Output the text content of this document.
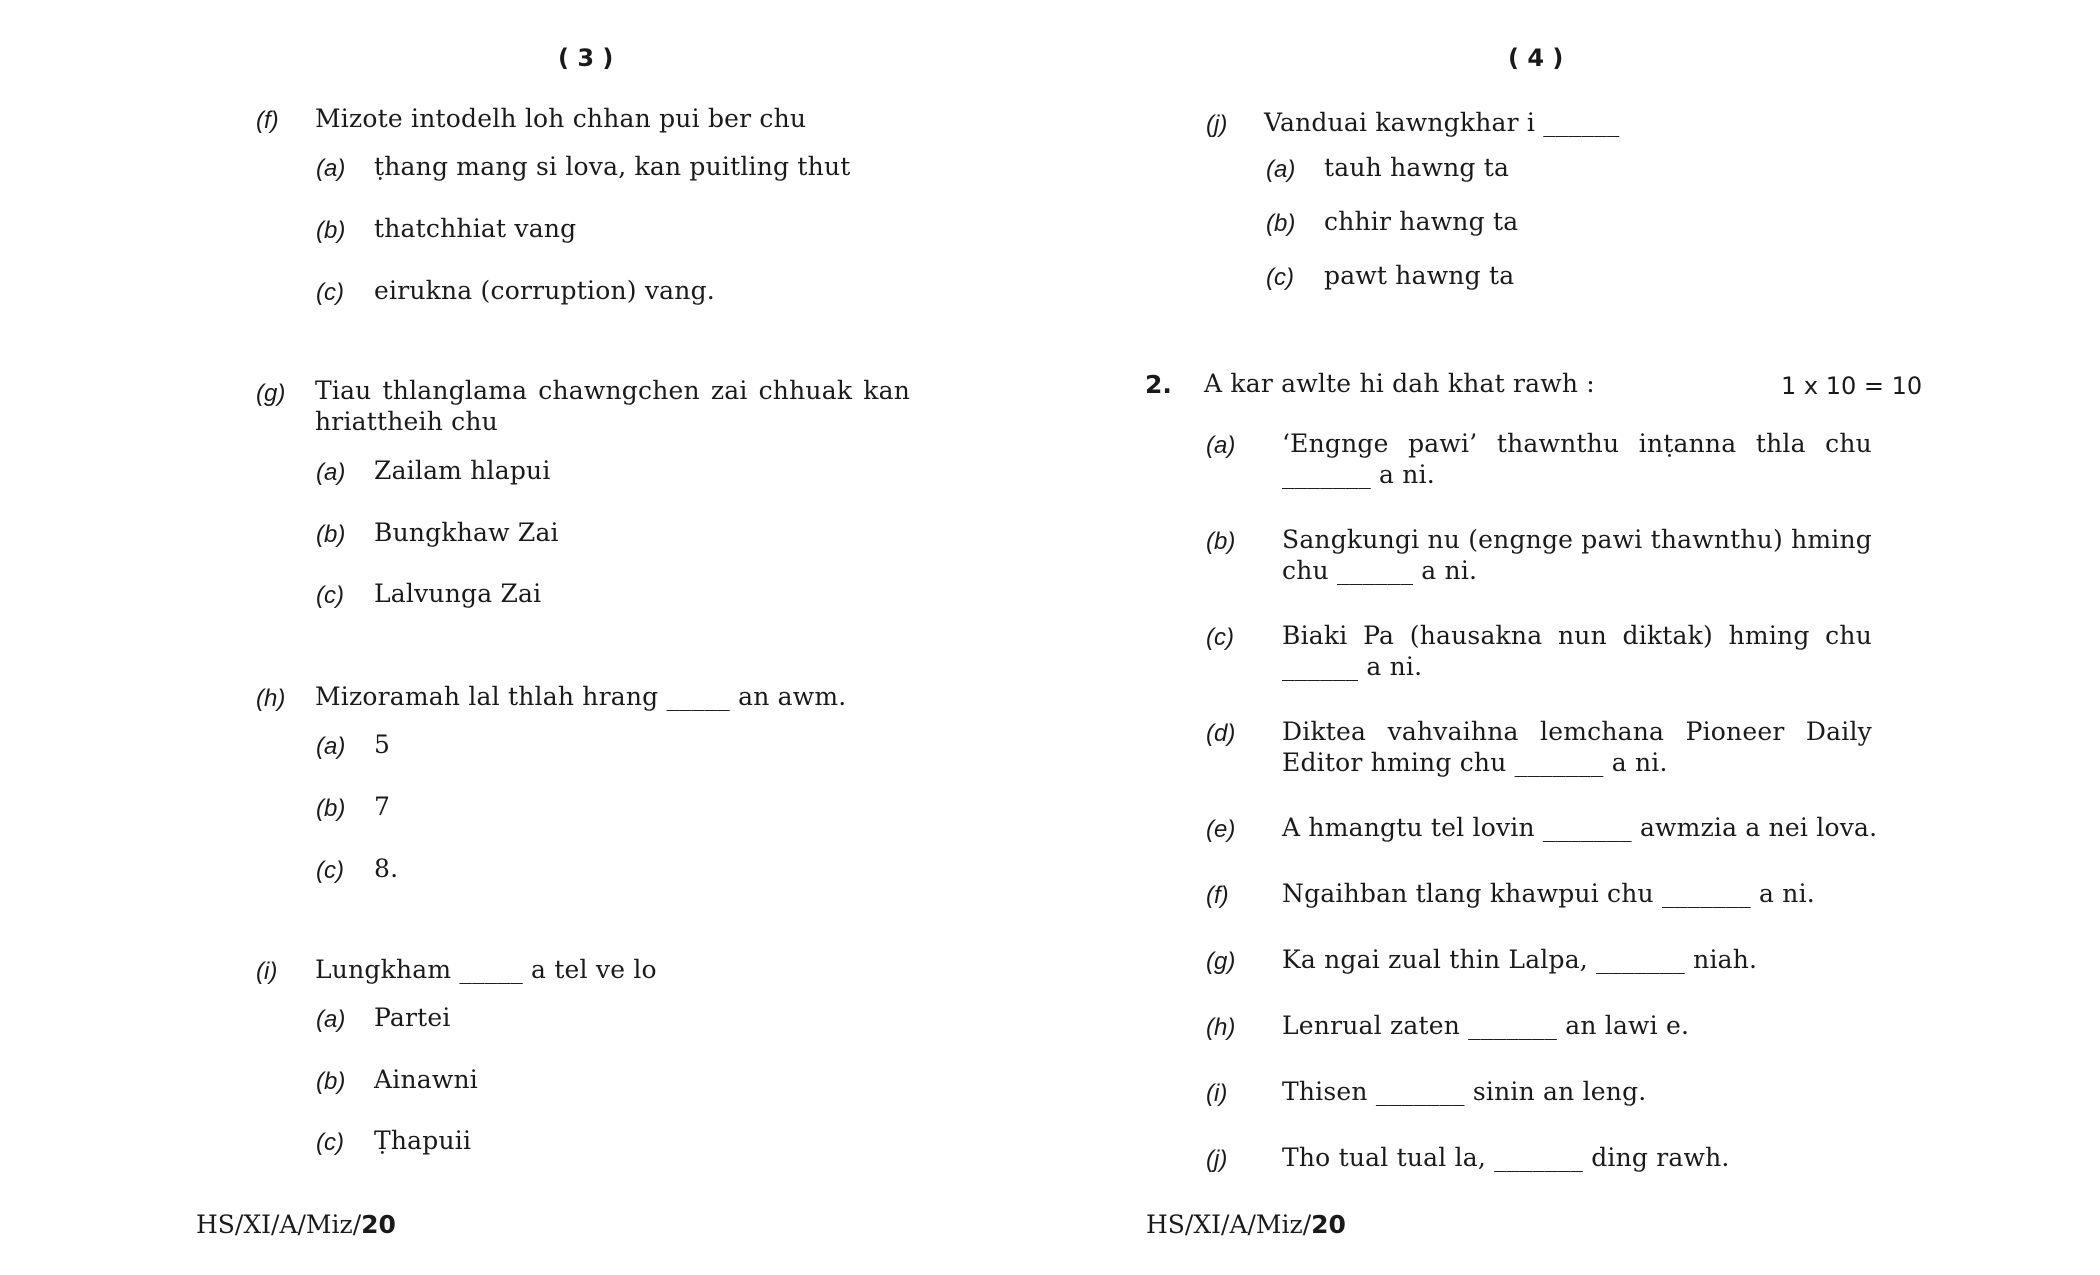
( 3 )
(f) Mizote intodelh loh chhan pui ber chu
(a) ṭhang mang si lova, kan puitling thut
(b) thatchhiat vang
(c) eirukna (corruption) vang.
(g) Tiau thlanglama chawngchen zai chhuak kan hriattheih chu
(a) Zailam hlapui
(b) Bungkhaw Zai
(c) Lalvunga Zai
(h) Mizoramah lal thlah hrang _____ an awm.
(a) 5
(b) 7
(c) 8.
(i) Lungkham _____ a tel ve lo
(a) Partei
(b) Ainawni
(c) Ṭhapuii
HS/XI/A/Miz/20
( 4 )
(j) Vanduai kawngkhar i ______
(a) tauh hawng ta
(b) chhir hawng ta
(c) pawt hawng ta
2. A kar awlte hi dah khat rawh :	1 x 10 = 10
(a) ‘Engnge pawi’ thawnthu inṭanna thla chu _______ a ni.
(b) Sangkungi nu (engnge pawi thawnthu) hming chu ______ a ni.
(c) Biaki Pa (hausakna nun diktak) hming chu ______ a ni.
(d) Diktea vahvaihna lemchana Pioneer Daily Editor hming chu _______ a ni.
(e) A hmangtu tel lovin _______ awmzia a nei lova.
(f) Ngaihban tlang khawpui chu _______ a ni.
(g) Ka ngai zual thin Lalpa, _______ niah.
(h) Lenrual zaten _______ an lawi e.
(i) Thisen _______ sinin an leng.
(j) Tho tual tual la, _______ ding rawh.
HS/XI/A/Miz/20
